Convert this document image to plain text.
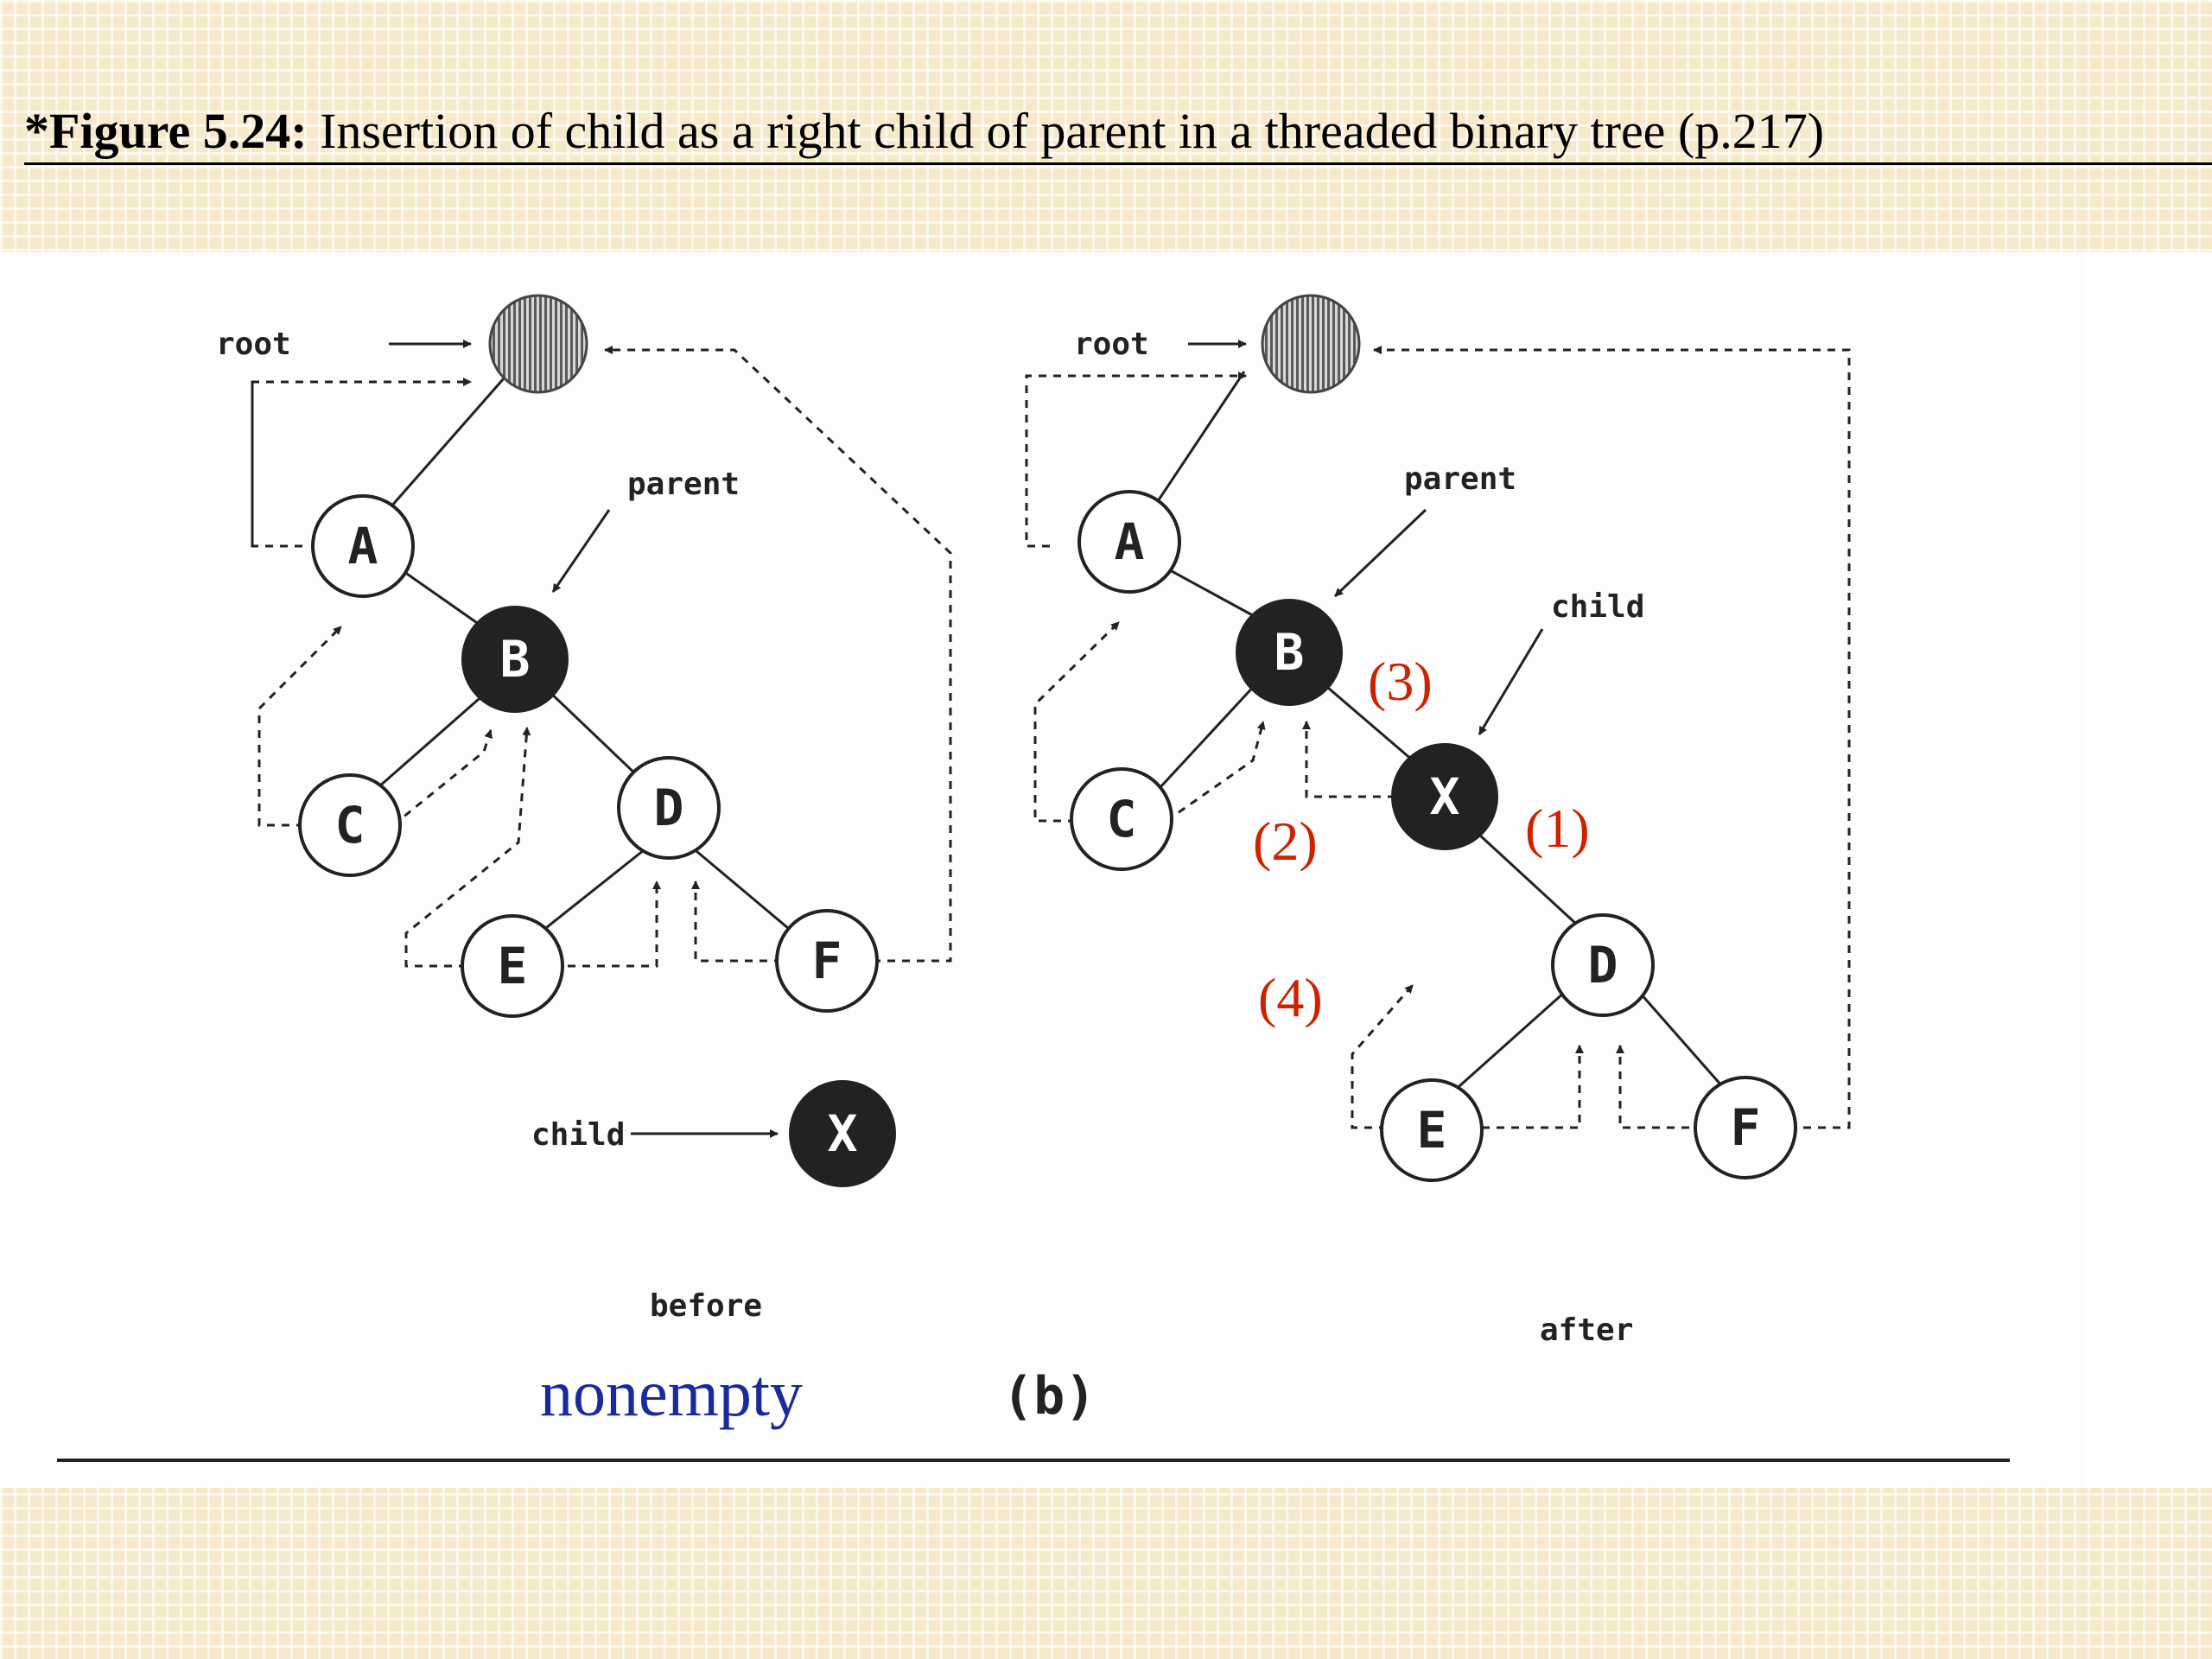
*Figure 5.24: Insertion of child as a right child of parent in a threaded binary tree (p.217)
A
B
C	D
E	F
X
root
parent
child
before
A
B
C	X
D
E	F
root
parent
child
after
(1)
(2)
(3)
(4)
nonempty	(b)
